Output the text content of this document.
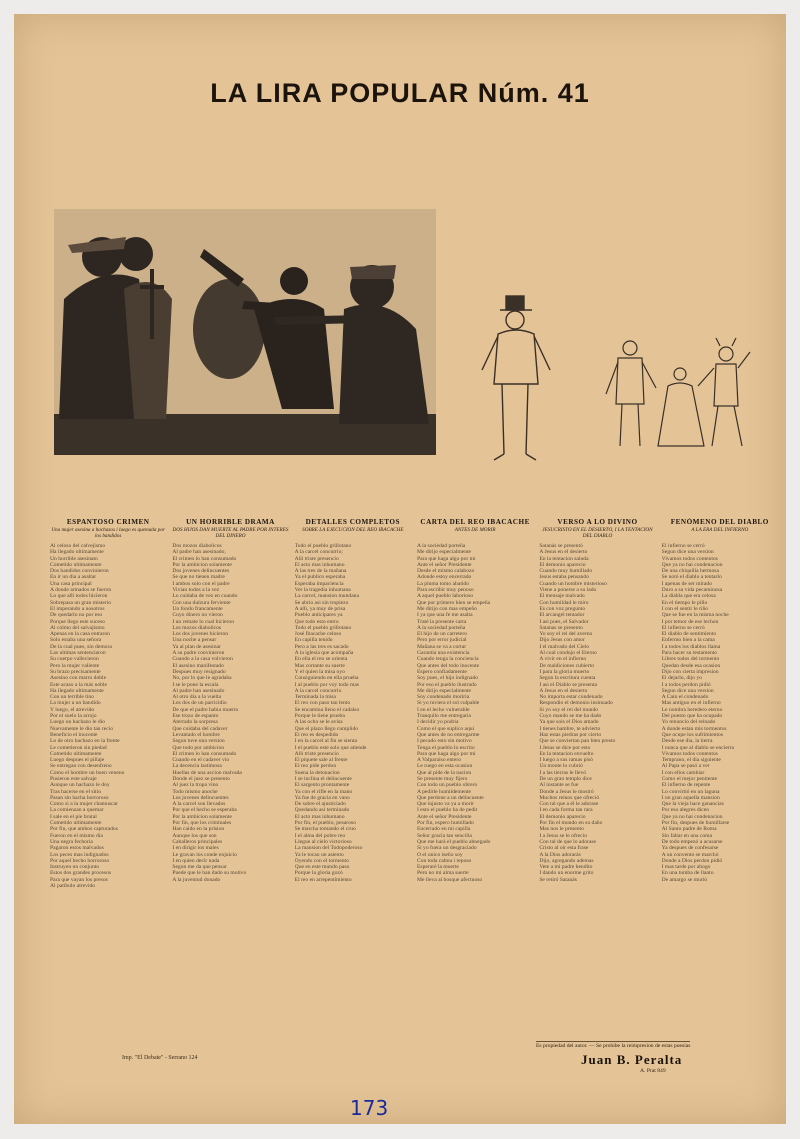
LA LIRA POPULAR Núm. 41
ESPANTOSO CRIMEN
Una mujer asesina a hachazos i luego es quemada por los bandidos
Al celoso del calvejismo
Ha llegado ultimamente
Un horrible asesinato
Cometido ultimamente
Dos bandidos convinieron
En ir un dia a asaltar
Una casa principal
A donde armados se fueron
Lo que alli todos hicieron
Sobrepasa un gran misterio
El imperando a nosotros
De quedarlo no por eso
Porque llego este suceso
Al colmo del salvajismo
Apenas en la casa entraron
Solo estaba una señora
De la cual pues, sin demora
Las ultimas sentenciaron
Su cuerpo vallecieron
Pero la mujer valiente
Su brazo precisamente
Asesino con marro doble
Este acaso a la más noble
Ha llegado ultimamente
Con un terrible tino
La mujer a un bandido
Y luego, el atrevido
Por el suelo la arrojo
Luego un hachazo le dio
Nuevamente le dio tan recio
Beneficio el inocente
Lo de otro hachazo en la frente
Le cometieron sin piedad
Cometido ultimamente
Luego despues el pillaje
Se entregan con desenfreno
Como el hombre un buen veneno
Pusieron este salvaje
Aunque un hachazo le doy
Tras hacerse en el sitio
Pasan sin hacha horroroso
Como si a la mujer chamuscar
La comienzan a quemar
I sale en el pie brutal
Cometido ultimamente
Por fin, que ambos capturados
Fueron en el mismo dia
Una negra fechoria
Pagaron estos malvados
Los peces mas indignados
Por aquel hecho horroroso
Instruyen un conjunto
Estos dos grandes procesos
Para que vayan los presos
Al patíbulo atrevido
UN HORRIBLE DRAMA
DOS HIJOS DAN MUERTE AL PADRE POR INTERES DEL DINERO
Dos mozos diabolicos
Al padre han asesinado,
El crimen lo han consumado
Por la ambicion solamente
Dos jovenes delincuentes
Se que no tienen madre
I ambos solo con el padre
Vivian todos a la vez
Lo cuidaba de vez en cuando
Con una dulzura ferviente
Un fondo francamente
Cuyo dinero no vieron
I un remate lo cual hicieron
Los mozos diabolicos
Los dos jovenes hicieron
Una noche a pensar
Ya al plan de asesinar
A su padre convinieron
Cuando a la casa volvieron
El asesino manifestado
Despues muy resignado
No, por lo que le agradaba
I se le pone la escala
Al padre han asesinado
Al otro dia a la vuelta
Los dos de un parricidio
De que el padre habia muerto
Ese trozo de espanto
Aterrado la sorpresa
Que cuidaba del cadaver
Levantado el hombre
Segun tuve una version
Que todo por ambicion
El crimen lo han consumado
Cuando en el cadaver vio
La decencia lastimosa
Huellas de una accion malvada
Donde el juez se presento
Al juez la tropa vino
Todo mismo anoche
Los jovenes delincuentes
A la carcel son llevados
Por que el hecho se esperaba
Por la ambicion solamente
Por fin, que los criminales
Han caido en la prision
Aunque los que son
Caballeros principales
I en dirigir los males
Le gravan los conde enjuicio
I en quien decir nada
Segun me da que pensar
Puede que le han dado su motivo
A la juventud donado
DETALLES COMPLETOS
SOBRE LA EJECUCION DEL REO IBACACHE
Todo el pueblo grillotano
A la carcel concurrio;
Alli triste presencio
El acto mas inhumano
A las tres de la mañana
Ya el publico esperaba
Esperaba impaciencia
Ver la tragedia inhumana
La carcel, mansion mundana
Se abrio asi sin tropiezo
A alli, ya muy de prisa
Pueblo anticipares ya
Que todo esto entro
Todo el pueblo grillotano
José Ibacache celoso
En capilla tenido
Pero a las tres es sacado
A la iglesia que acompaña
En ella el reo se orienta
Mas cortante su suerte
Y el quien la misa oyo
Consiguiendo en ella prueba
I al pueblo por voy todo mas
A la carcel concurrio
Terminada la misa
El reo con paso tan lento
Se encamina lleno el cadalso
Porque le tiene prueba
A las ocho se le avisa
Que el plazo llego cumplido
El reo es despedido
I en la carcel al fin se sienta
I el pueblo este solo que atiende
Alli triste presencio
El piquete sale al frente
El reo pide perdon
Suena la detonacion
I se inclina el delincuente
El sargento prontamente
Ya con el rifle en la mano
Ya fue de gracia en vano
De sobre el ajusticiado
Quedando asi terminado
El acto mas inhumano
Por fin, el pueblo, pesaroso
Se marcha tomando el cruo
I el alma del pobre reo
Llegue al cielo victorioso
La mansion del Todopoderoso
Ya le tocan un asiento
Oyendo con el tormento
Que en este mundo paso
Porque la gloria gozó
El reo en arrepentimiento
CARTA DEL REO IBACACHE
ANTES DE MORIR
A la sociedad porteña
Me dirijo especialmente
Para que haga algo por mi
Ante el señor Presidente
Desde el mismo calabozo
Adonde estoy encerrado
La pluma tomo abatido
Para escribir muy penoso
A aquel pueblo laborioso
Que por primero bien se empeña
Me dirijo con mas empeño
I ya que una fe me asalta
Traté la presente carta
A la sociedad porteña
El hijo de un carretero
Pero por error judicial
Mañana se va a cortar
Garantia una existencia
Cuando tenga la conciencia
Que antes del todo inocente
Espero confiadamente
Soy pues, el hijo indignado
Por eso el pueblo ilustrado
Me dirijo especialmente
Soy condenado moriria
Si yo tuviera el sol culpable
I en el lecho vulnerable
Tranquilo me entregaria
I decidir yo podria
Como el que suplico aqui
Que antes de no entregarme
I pecado esto sin motivo
Tenga el pueblo lo escrito
Para que haga algo por mi
A Valparaiso entero
Le ruego en esta ocasion
Que al pide de la nacion
Se presente muy fijero
Con todo un pueblo obrero
A pedirle humildemente
Que perdone a un delincuente
Que injusto va ya a morir
I esto el pueblo ha de pedir
Ante el señor Presidente
Por fin, espero humillado
Encerrado en mi capilla
Señor gracia tan sencilla
Que me harà el pueblo abnegado
Si yo fuera un desgraciado
O el unico iseño soy
Con toda calma i reposo
Esperaré la muerte
Pero no mi alma suerte
Me lleva al bosque afectuoso
VERSO A LO DIVINO
JESUCRISTO EN EL DESIERTO, I LA TENTACION DEL DIABLO
Satanás se presentó
A Jesus en el desierto
En la tentacion saluda
El demonio aparecio
Cuando muy humillado
Jesus estaba pensando
Cuando un hombre misterioso
Viene a ponerse a su lado
El mensaje malvado
Con humildad le miro
Es con voz pregunto
El arcangel tentador
I asi pues, el Salvador
Satanas se presento
Yo soy el rei del averno
Dijo Jesus con amor
I el malvado del Cielo
Al cual condujo el Eterno
A vivir en el infierno
De maldiciones cubierto
I para la gloria muerto
Segun la escritura cuenta
I asi el Diablo se presenta
A Jesus en el desierto
No importa estar condenado
Respondio el demonio insinuado
Si yo soy el rei del mundo
Cuyo mando se me ha dado
Ya que sois el Dios amado
I tienes hambre, te advierto
Haz estas piedras por cierto
Que se conviertan pan bien presto
I Jesus se dice por esto
En la tentacion envuelto
I luego a sus ramas pisò
Un monte lo cubrió
I a las tierras le llevó
De un gran templo dice
Al instante se fue
Donde a Jesus le mostró
Muchos reinos que ofreció
Con tal que a él le adorase
I en cada forma tan rara
El demonio aparecio
Por fin el mundo en su daño
Mas nos le presento
I a Jesus se le ofrecio
Con tal de que lo adorase
Cristo al oir esta frase
A la Dios adorarás
Dijo, agregando ademas
Vete a mi padre bendito
I dando un enorme grito
Se retiró Satanás
FENÓMENO DEL DIABLO
A LA ERA DEL INFIERNO
El infierno se cerró
Segun dice una version
Vivamos todos contentos
Que ya no hai condenacion
De una chiquilla hermosa
Se notó el diablo a tentarlo
I apenas de ser mirado
Duro a su vida pecaminosa
La diabla que era celosa
En el tiempo le pillo
I con el sentir le riño
Que se fue en la misma noche
I por temor de ese lechon
El infierno se cerró
El diablo de sentimiento
Enfermo bien a la cama
I a todos los diablos llama
Para hacer su testamento
Libres todos del tormento
Quedan desde esa ocasion
Dijo con cierta impresion
El dejarlo, dijo yo
I a todos perdon pidió
Segun dice una version
A Cain el condenado
Mas antiguo en el infierno
Le nombra heredero eterno
Del puesto que ha ocupado
Yo renuncio del reinado
A donde estan mis tormentos
Que ocupe los sufrimientos
Desde ese dia, la tierra
I nunca que al diablo se encierra
Vivamos todos contentos
Temprano, el dia siguiente
Al Papa se pasó a ver
I con ellos cambiar
Como el mejor penitente
El infierno de repente
Lo convirtió en un laguna
I un gran aquella mansion
Que la vieja hace ganancias
Por eso alegres dicen
Que ya no hai condenacion
Por fin, despues de humillarse
Al Santo padre de Roma
Sin faltar en una coma
De todo empezó a acusarse
Ya despues de confesarse
A un convento se marchó
Donde a Dios perdon pidió
I mas tarde por ahogo
En una tumba de llanto
De amargo se murió
Imp. "El Debate" - Serrano 124
Es propiedad del autor. — Se prohibe la reimpresion de estas poesias
Juan B. Peralta
A. Prat 849
173
